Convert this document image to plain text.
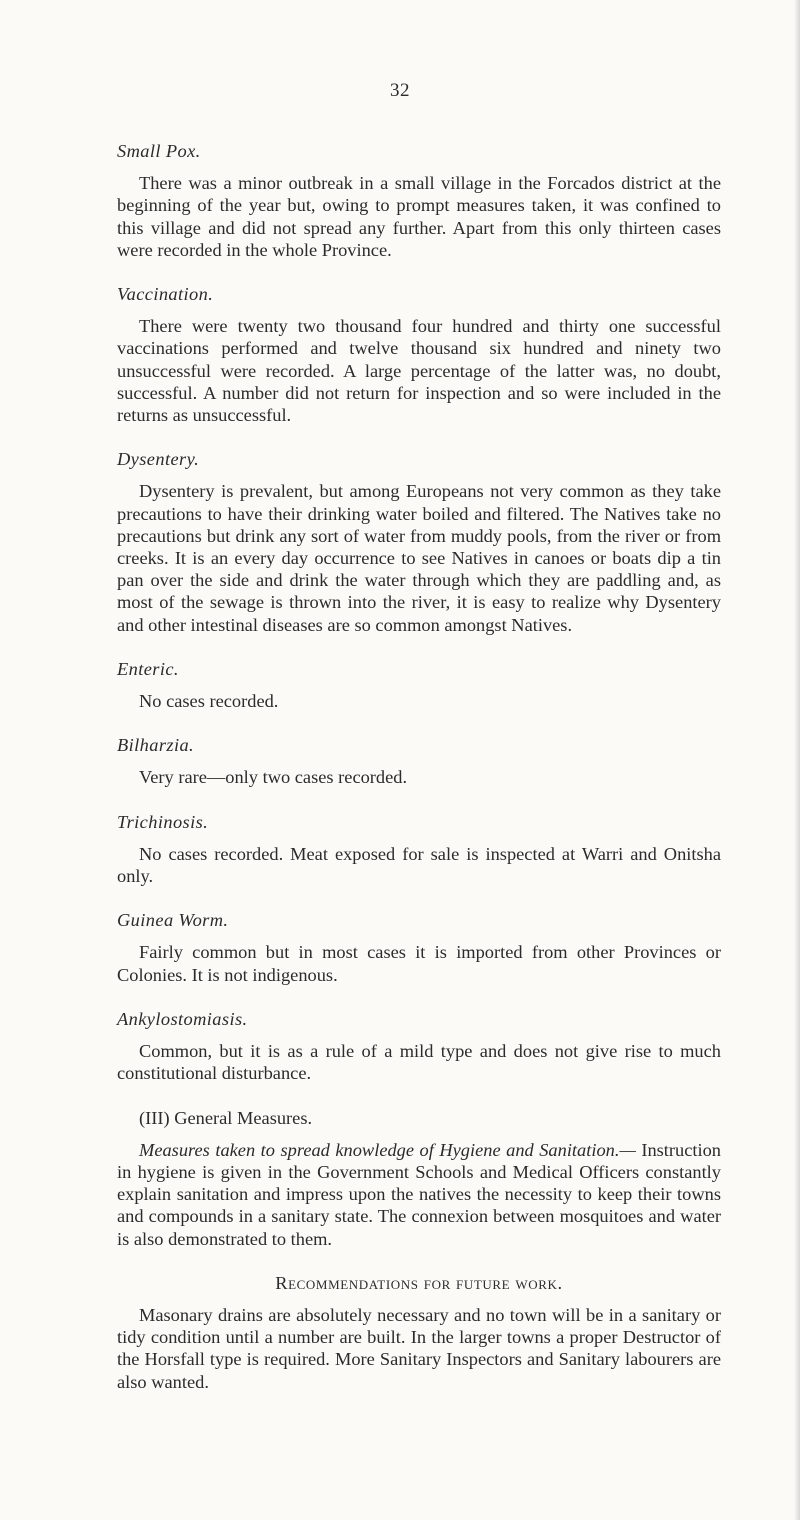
32

Small Pox.

There was a minor outbreak in a small village in the Forcados district at the beginning of the year but, owing to prompt measures taken, it was confined to this village and did not spread any further. Apart from this only thirteen cases were recorded in the whole Province.

Vaccination.

There were twenty two thousand four hundred and thirty one successful vaccinations performed and twelve thousand six hundred and ninety two unsuccessful were recorded. A large percentage of the latter was, no doubt, successful. A number did not return for inspection and so were included in the returns as unsuccessful.

Dysentery.

Dysentery is prevalent, but among Europeans not very common as they take precautions to have their drinking water boiled and filtered. The Natives take no precautions but drink any sort of water from muddy pools, from the river or from creeks. It is an every day occurrence to see Natives in canoes or boats dip a tin pan over the side and drink the water through which they are paddling and, as most of the sewage is thrown into the river, it is easy to realize why Dysentery and other intestinal diseases are so common amongst Natives.

Enteric.

No cases recorded.

Bilharzia.

Very rare—only two cases recorded.

Trichinosis.

No cases recorded. Meat exposed for sale is inspected at Warri and Onitsha only.

Guinea Worm.

Fairly common but in most cases it is imported from other Provinces or Colonies. It is not indigenous.

Ankylostomiasis.

Common, but it is as a rule of a mild type and does not give rise to much constitutional disturbance.

(III) General Measures.

Measures taken to spread knowledge of Hygiene and Sanitation.— Instruction in hygiene is given in the Government Schools and Medical Officers constantly explain sanitation and impress upon the natives the necessity to keep their towns and compounds in a sanitary state. The connexion between mosquitoes and water is also demonstrated to them.

Recommendations for future work.

Masonary drains are absolutely necessary and no town will be in a sanitary or tidy condition until a number are built. In the larger towns a proper Destructor of the Horsfall type is required. More Sanitary Inspectors and Sanitary labourers are also wanted.
